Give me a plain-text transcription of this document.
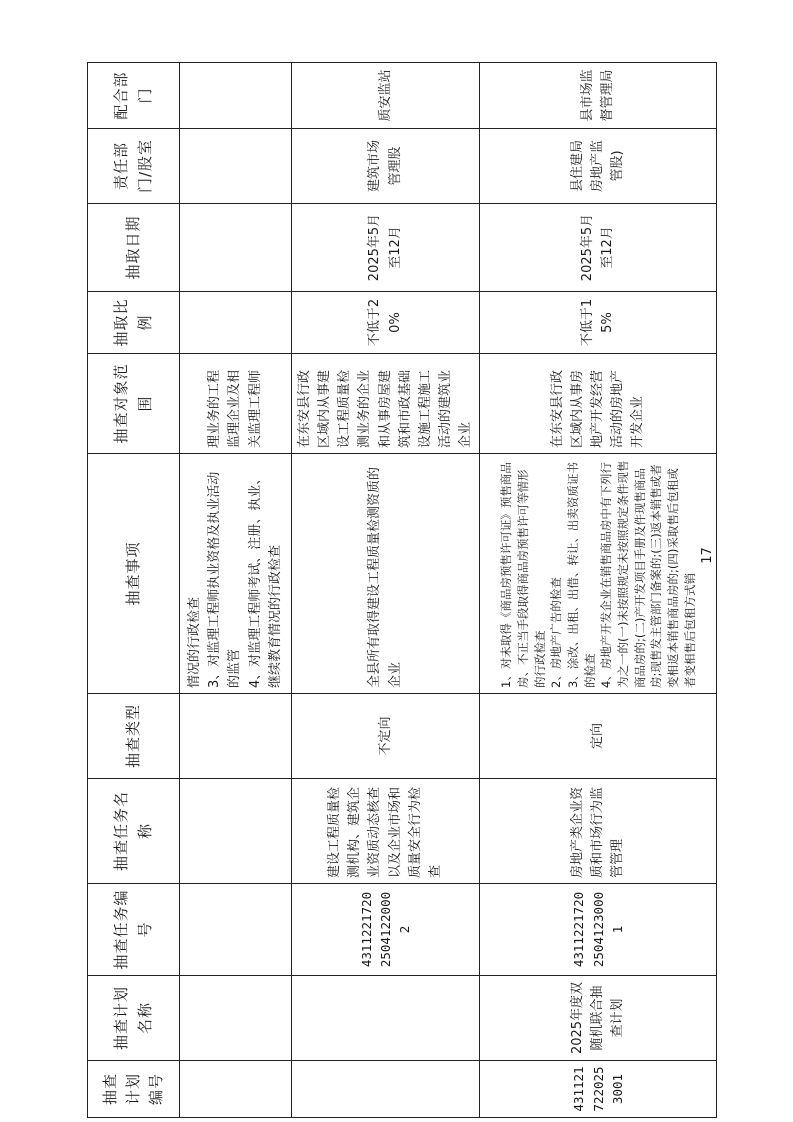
抽查计划编号	抽查计划名称	抽查任务编号	抽查任务名称	抽查类型	抽查事项	抽查对象范围	抽取比例	抽取日期	责任部门/股室	配合部门

					情况的行政检查 3、对监理工程师执业资格及执业活动的监管 4、对监理工程师考试、注册、执业、继续教育情况的行政检查	理业务的工程监理企业及相关监理工程师				
		431122172025041220002	建设工程质量检测机构、建筑企业资质动态核查以及企业市场和质量安全行为检查	不定向	全县所有取得建设工程质量检测资质的企业	在东安县行政区域内从事建设工程质量检测业务的企业和从事房屋建筑和市政基础设施工程施工活动的建筑业企业	不低于20%	2025年5月至12月	建筑市场管理股	质安监站
4311217220253001	2025年度双随机联合抽查计划	431122172025041230001	房地产类企业资质和市场行为监管管理	定向	1、对未取得《商品房预售许可证》预售商品房、不正当手段取得商品房预售许可等情形的行政检查 2、房地产广告的检查 3、涂改、出租、出借、转让、出卖资质证书的检查 4、房地产开发企业在销售商品房中有下列行为之一的(一)未按照规定未按照规定条件现售商品房的;(二)产开发项目手册及件现售商品房;现售发主管部门备案的;(三)返本销售或者变相返本销售商品房的;(四)采取售后包租或者变相售后包租方式销	在东安县行政区域内从事房地产开发经营活动的房地产开发企业	不低于15%	2025年5月至12月	县住建局房地产监管股)	县市场监督管理局
17
